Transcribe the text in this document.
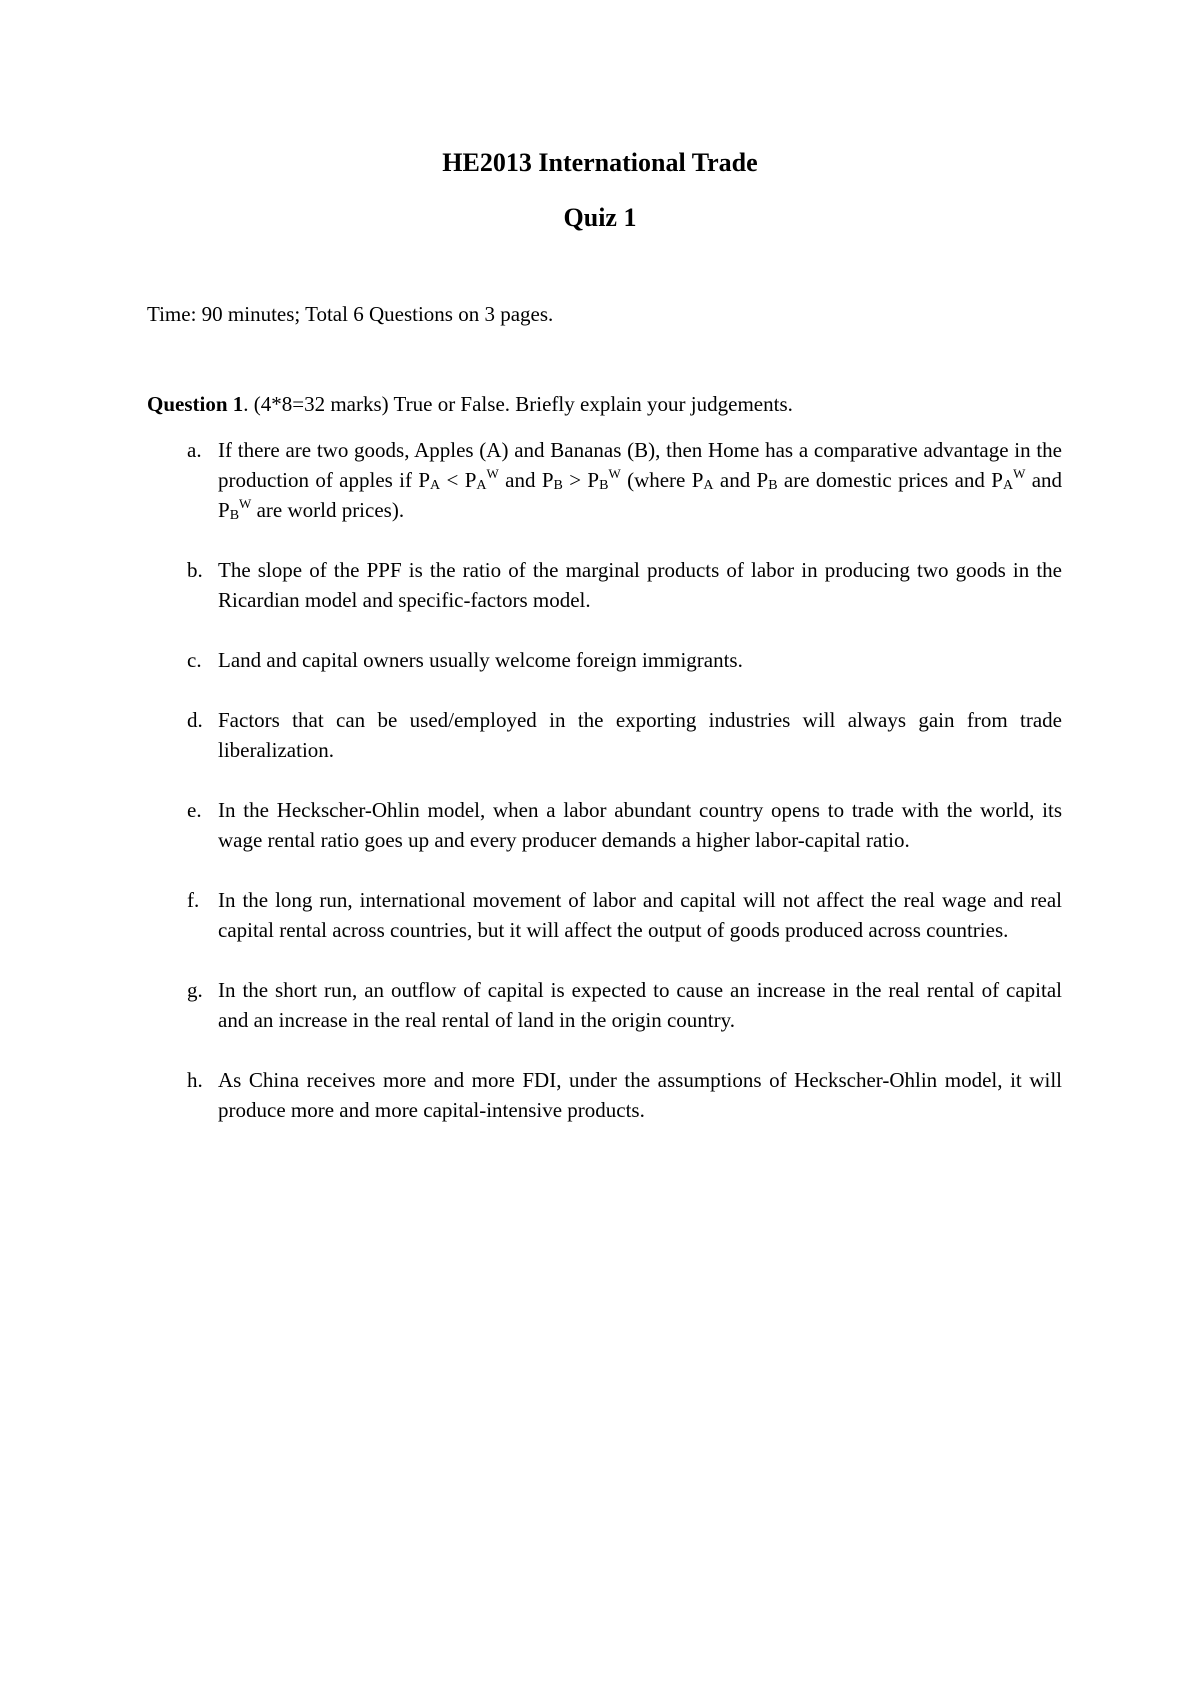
HE2013 International Trade
Quiz 1
Time: 90 minutes; Total 6 Questions on 3 pages.
Question 1. (4*8=32 marks) True or False. Briefly explain your judgements.
a. If there are two goods, Apples (A) and Bananas (B), then Home has a comparative advantage in the production of apples if PA < $PA^W$ and PB > $PB^W$ (where PA and PB are domestic prices and $PA^W$ and $PB^W$ are world prices).
b. The slope of the PPF is the ratio of the marginal products of labor in producing two goods in the Ricardian model and specific-factors model.
c. Land and capital owners usually welcome foreign immigrants.
d. Factors that can be used/employed in the exporting industries will always gain from trade liberalization.
e. In the Heckscher-Ohlin model, when a labor abundant country opens to trade with the world, its wage rental ratio goes up and every producer demands a higher labor-capital ratio.
f. In the long run, international movement of labor and capital will not affect the real wage and real capital rental across countries, but it will affect the output of goods produced across countries.
g. In the short run, an outflow of capital is expected to cause an increase in the real rental of capital and an increase in the real rental of land in the origin country.
h. As China receives more and more FDI, under the assumptions of Heckscher-Ohlin model, it will produce more and more capital-intensive products.
